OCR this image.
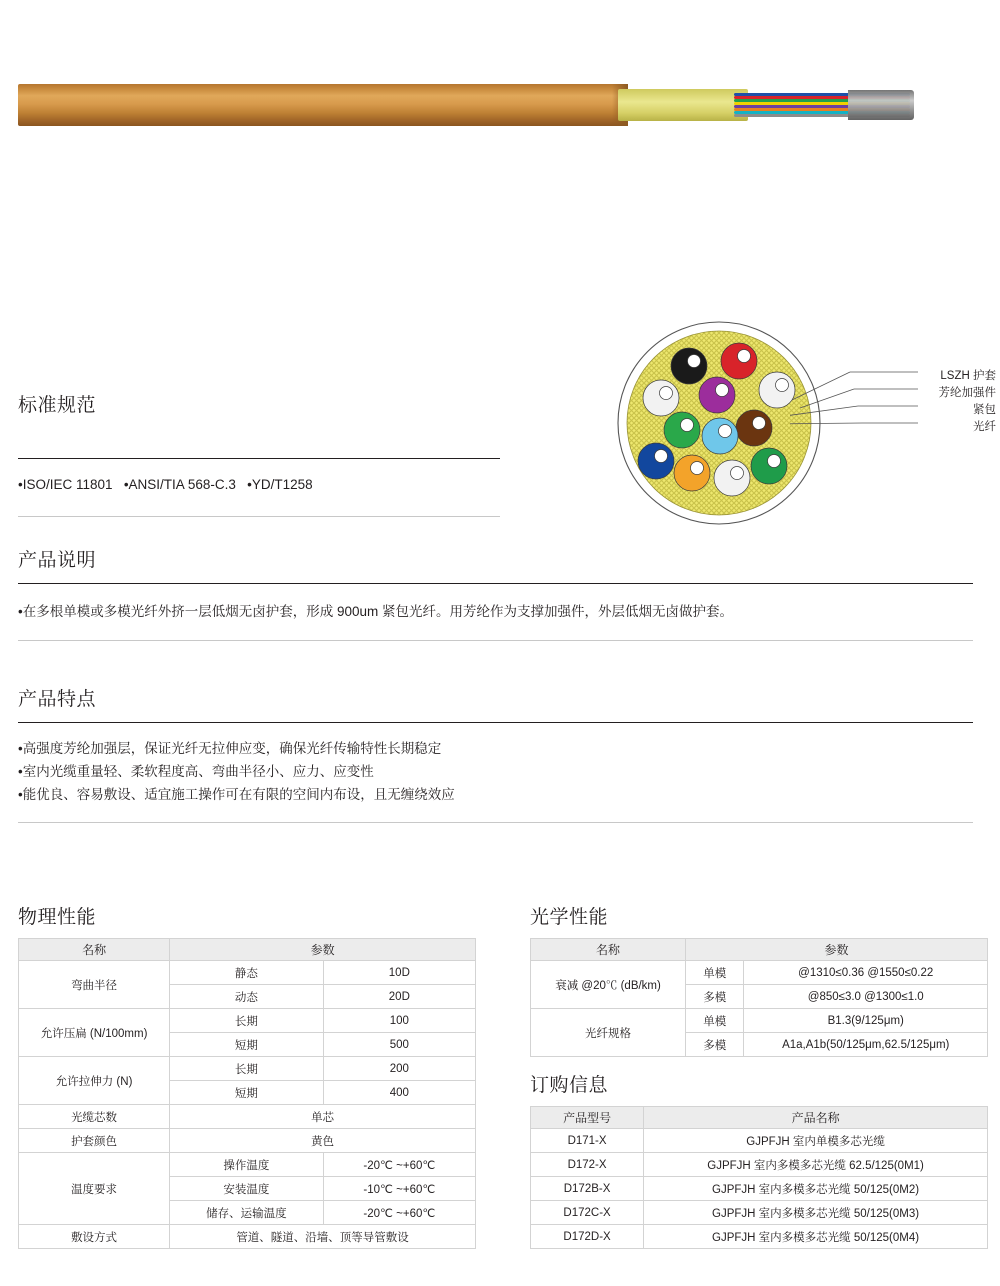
LSZH 护套
芳纶加强件
紧包
光纤
标准规范
•ISO/IEC 11801 •ANSI/TIA 568-C.3 •YD/T1258
产品说明
•在多根单模或多模光纤外挤一层低烟无卤护套，形成 900um 紧包光纤。用芳纶作为支撑加强件，外层低烟无卤做护套。
产品特点
•高强度芳纶加强层，保证光纤无拉伸应变，确保光纤传输特性长期稳定
•室内光缆重量轻、柔软程度高、弯曲半径小、应力、应变性
•能优良、容易敷设、适宜施工操作可在有限的空间内布设，且无缠绕效应
物理性能
名称	参数	
弯曲半径	静态	10D
	动态	20D
允许压扁 (N/100mm)	长期	100
	短期	500
允许拉伸力 (N)	长期	200
	短期	400
光缆芯数	单芯	
护套颜色	黄色	
温度要求	操作温度	-20℃ ~+60℃
	安装温度	-10℃ ~+60℃
	储存、运输温度	-20℃ ~+60℃
敷设方式	管道、隧道、沿墙、顶等导管敷设	
光学性能
名称	参数	
衰减 @20℃ (dB/km)	单模	@1310≤0.36 @1550≤0.22
	多模	@850≤3.0 @1300≤1.0
光纤规格	单模	B1.3(9/125μm)
	多模	A1a,A1b(50/125μm,62.5/125μm)
订购信息
产品型号	产品名称
D171-X	GJPFJH 室内单模多芯光缆
D172-X	GJPFJH 室内多模多芯光缆 62.5/125(0M1)
D172B-X	GJPFJH 室内多模多芯光缆 50/125(0M2)
D172C-X	GJPFJH 室内多模多芯光缆 50/125(0M3)
D172D-X	GJPFJH 室内多模多芯光缆 50/125(0M4)
